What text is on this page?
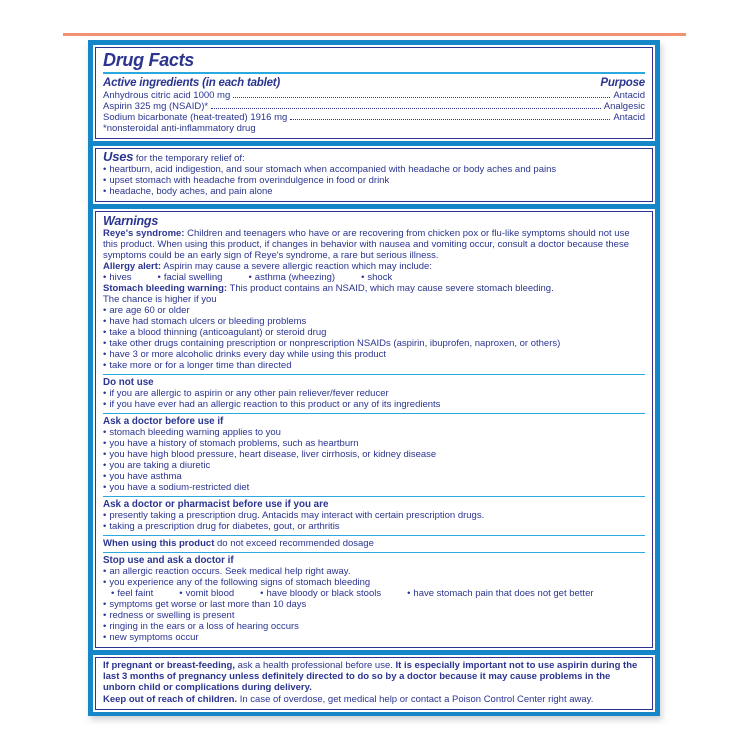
Drug Facts
Active ingredients (in each tablet)	Purpose
Anhydrous citric acid 1000 mg	Antacid
Aspirin 325 mg (NSAID)*	Analgesic
Sodium bicarbonate (heat-treated) 1916 mg	Antacid
*nonsteroidal anti-inflammatory drug

Uses for the temporary relief of:

• heartburn, acid indigestion, and sour stomach when accompanied with headache or body aches and pains
• upset stomach with headache from overindulgence in food or drink
• headache, body aches, and pain alone

Warnings

Reye's syndrome: Children and teenagers who have or are recovering from chicken pox or flu-like symptoms should not use this product. When using this product, if changes in behavior with nausea and vomiting occur, consult a doctor because these symptoms could be an early sign of Reye's syndrome, a rare but serious illness.

Allergy alert: Aspirin may cause a severe allergic reaction which may include:

• hives	• facial swelling	• asthma (wheezing)	• shock

Stomach bleeding warning: This product contains an NSAID, which may cause severe stomach bleeding.

The chance is higher if you

• are age 60 or older
• have had stomach ulcers or bleeding problems
• take a blood thinning (anticoagulant) or steroid drug
• take other drugs containing prescription or nonprescription NSAIDs (aspirin, ibuprofen, naproxen, or others)
• have 3 or more alcoholic drinks every day while using this product
• take more or for a longer time than directed

Do not use

• if you are allergic to aspirin or any other pain reliever/fever reducer
• if you have ever had an allergic reaction to this product or any of its ingredients

Ask a doctor before use if

• stomach bleeding warning applies to you
• you have a history of stomach problems, such as heartburn
• you have high blood pressure, heart disease, liver cirrhosis, or kidney disease
• you are taking a diuretic
• you have asthma
• you have a sodium-restricted diet

Ask a doctor or pharmacist before use if you are

• presently taking a prescription drug. Antacids may interact with certain prescription drugs.
• taking a prescription drug for diabetes, gout, or arthritis

When using this product do not exceed recommended dosage

Stop use and ask a doctor if

• an allergic reaction occurs. Seek medical help right away.
• you experience any of the following signs of stomach bleeding
• feel faint	• vomit blood	• have bloody or black stools	• have stomach pain that does not get better
• symptoms get worse or last more than 10 days
• redness or swelling is present
• ringing in the ears or a loss of hearing occurs
• new symptoms occur

If pregnant or breast-feeding, ask a health professional before use. It is especially important not to use aspirin during the last 3 months of pregnancy unless definitely directed to do so by a doctor because it may cause problems in the unborn child or complications during delivery.

Keep out of reach of children. In case of overdose, get medical help or contact a Poison Control Center right away.
